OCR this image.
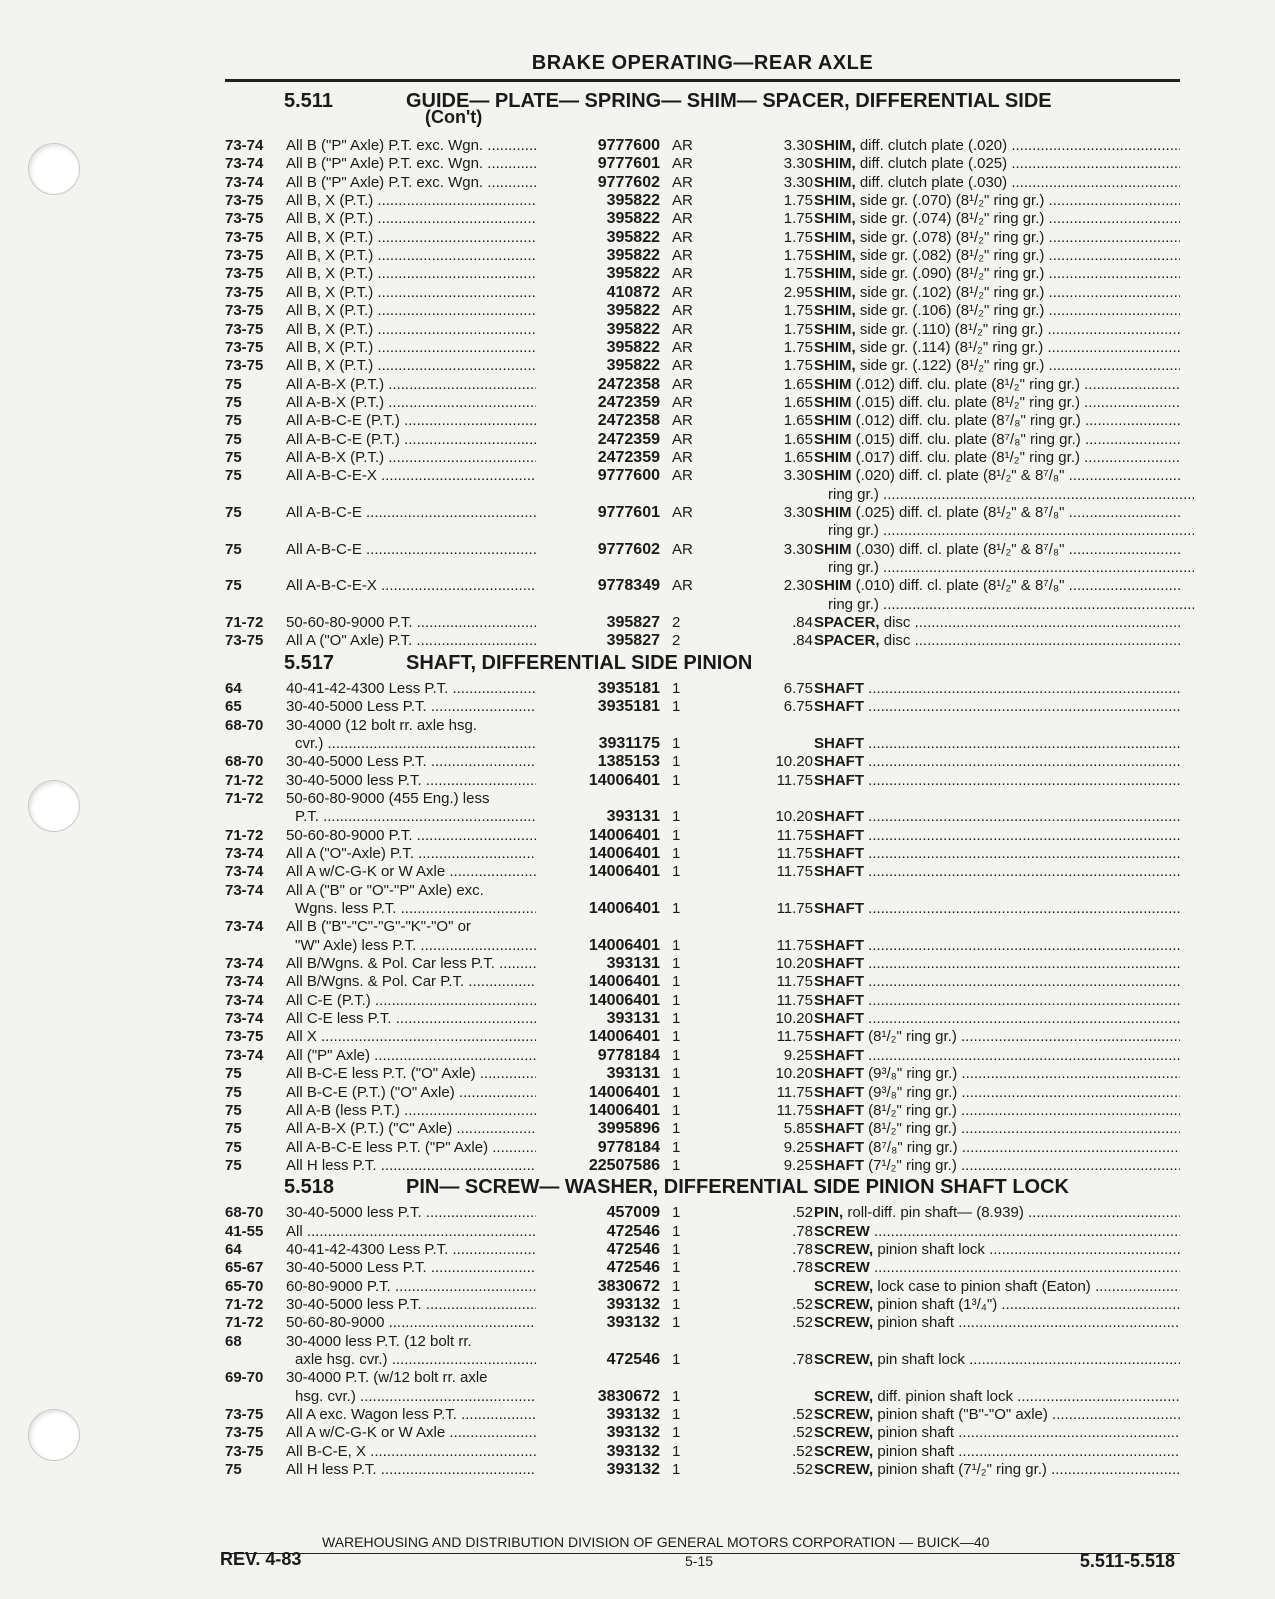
BRAKE OPERATING—REAR AXLE
5.511	GUIDE— PLATE— SPRING— SHIM— SPACER, DIFFERENTIAL SIDE
(Con't)
73-74	All B ("P" Axle) P.T. exc. Wgn. .....	9777600 AR	3.30 SHIM, diff. clutch plate (.020) .....
73-74	All B ("P" Axle) P.T. exc. Wgn. .....	9777601 AR	3.30 SHIM, diff. clutch plate (.025) .....
73-74	All B ("P" Axle) P.T. exc. Wgn. .....	9777602 AR	3.30 SHIM, diff. clutch plate (.030) .....
73-75	All B, X (P.T.) .....	395822 AR	1.75 SHIM, side gr. (.070) (8¹/₂" ring gr.) .....
73-75	All B, X (P.T.) .....	395822 AR	1.75 SHIM, side gr. (.074) (8¹/₂" ring gr.) .....
73-75	All B, X (P.T.) .....	395822 AR	1.75 SHIM, side gr. (.078) (8¹/₂" ring gr.) .....
73-75	All B, X (P.T.) .....	395822 AR	1.75 SHIM, side gr. (.082) (8¹/₂" ring gr.) .....
73-75	All B, X (P.T.) .....	395822 AR	1.75 SHIM, side gr. (.090) (8¹/₂" ring gr.) .....
73-75	All B, X (P.T.) .....	410872 AR	2.95 SHIM, side gr. (.102) (8¹/₂" ring gr.) .....
73-75	All B, X (P.T.) .....	395822 AR	1.75 SHIM, side gr. (.106) (8¹/₂" ring gr.) .....
73-75	All B, X (P.T.) .....	395822 AR	1.75 SHIM, side gr. (.110) (8¹/₂" ring gr.) .....
73-75	All B, X (P.T.) .....	395822 AR	1.75 SHIM, side gr. (.114) (8¹/₂" ring gr.) .....
73-75	All B, X (P.T.) .....	395822 AR	1.75 SHIM, side gr. (.122) (8¹/₂" ring gr.) .....
75	All A-B-X (P.T.) .....	2472358 AR	1.65 SHIM (.012) diff. clu. plate (8¹/₂" ring gr.) .....
75	All A-B-X (P.T.) .....	2472359 AR	1.65 SHIM (.015) diff. clu. plate (8¹/₂" ring gr.) .....
75	All A-B-C-E (P.T.) .....	2472358 AR	1.65 SHIM (.012) diff. clu. plate (8⁷/₈" ring gr.) .....
75	All A-B-C-E (P.T.) .....	2472359 AR	1.65 SHIM (.015) diff. clu. plate (8⁷/₈" ring gr.) .....
75	All A-B-X (P.T.) .....	2472359 AR	1.65 SHIM (.017) diff. clu. plate (8¹/₂" ring gr.) .....
75	All A-B-C-E-X .....	9777600 AR	3.30 SHIM (.020) diff. cl. plate (8¹/₂" & 8⁷/₈" .....
ring gr.) .....
75	All A-B-C-E .....	9777601 AR	3.30 SHIM (.025) diff. cl. plate (8¹/₂" & 8⁷/₈" .....
ring gr.) .....
75	All A-B-C-E .....	9777602 AR	3.30 SHIM (.030) diff. cl. plate (8¹/₂" & 8⁷/₈" .....
ring gr.) .....
75	All A-B-C-E-X .....	9778349 AR	2.30 SHIM (.010) diff. cl. plate (8¹/₂" & 8⁷/₈" .....
ring gr.) .....
71-72	50-60-80-9000 P.T. .....	395827 2	.84 SPACER, disc .....
73-75	All A ("O" Axle) P.T. .....	395827 2	.84 SPACER, disc .....
5.517	SHAFT, DIFFERENTIAL SIDE PINION
64	40-41-42-4300 Less P.T. .....	3935181 1	6.75 SHAFT .....
65	30-40-5000 Less P.T. .....	3935181 1	6.75 SHAFT .....
68-70	30-4000 (12 bolt rr. axle hsg.
cvr.) .....	3931175 1	SHAFT .....
68-70	30-40-5000 Less P.T. .....	1385153 1	10.20 SHAFT .....
71-72	30-40-5000 less P.T. .....	14006401 1	11.75 SHAFT .....
71-72	50-60-80-9000 (455 Eng.) less
P.T. .....	393131 1	10.20 SHAFT .....
71-72	50-60-80-9000 P.T. .....	14006401 1	11.75 SHAFT .....
73-74	All A ("O"-Axle) P.T. .....	14006401 1	11.75 SHAFT .....
73-74	All A w/C-G-K or W Axle .....	14006401 1	11.75 SHAFT .....
73-74	All A ("B" or "O"-"P" Axle) exc.
Wgns. less P.T. .....	14006401 1	11.75 SHAFT .....
73-74	All B ("B"-"C"-"G"-"K"-"O" or
"W" Axle) less P.T. .....	14006401 1	11.75 SHAFT .....
73-74	All B/Wgns. & Pol. Car less P.T. .....	393131 1	10.20 SHAFT .....
73-74	All B/Wgns. & Pol. Car P.T. .....	14006401 1	11.75 SHAFT .....
73-74	All C-E (P.T.) .....	14006401 1	11.75 SHAFT .....
73-74	All C-E less P.T. .....	393131 1	10.20 SHAFT .....
73-75	All X .....	14006401 1	11.75 SHAFT (8¹/₂" ring gr.) .....
73-74	All ("P" Axle) .....	9778184 1	9.25 SHAFT .....
75	All B-C-E less P.T. ("O" Axle) .....	393131 1	10.20 SHAFT (9³/₈" ring gr.) .....
75	All B-C-E (P.T.) ("O" Axle) .....	14006401 1	11.75 SHAFT (9³/₈" ring gr.) .....
75	All A-B (less P.T.) .....	14006401 1	11.75 SHAFT (8¹/₂" ring gr.) .....
75	All A-B-X (P.T.) ("C" Axle) .....	3995896 1	5.85 SHAFT (8¹/₂" ring gr.) .....
75	All A-B-C-E less P.T. ("P" Axle) .....	9778184 1	9.25 SHAFT (8⁷/₈" ring gr.) .....
75	All H less P.T. .....	22507586 1	9.25 SHAFT (7¹/₂" ring gr.) .....
5.518	PIN— SCREW— WASHER, DIFFERENTIAL SIDE PINION SHAFT LOCK
68-70	30-40-5000 less P.T. .....	457009 1	.52 PIN, roll-diff. pin shaft— (8.939) .....
41-55	All .....	472546 1	.78 SCREW .....
64	40-41-42-4300 Less P.T. .....	472546 1	.78 SCREW, pinion shaft lock .....
65-67	30-40-5000 Less P.T. .....	472546 1	.78 SCREW .....
65-70	60-80-9000 P.T. .....	3830672 1	SCREW, lock case to pinion shaft (Eaton) .....
71-72	30-40-5000 less P.T. .....	393132 1	.52 SCREW, pinion shaft (1³/₄") .....
71-72	50-60-80-9000 .....	393132 1	.52 SCREW, pinion shaft .....
68	30-4000 less P.T. (12 bolt rr.
axle hsg. cvr.) .....	472546 1	.78 SCREW, pin shaft lock .....
69-70	30-4000 P.T. (w/12 bolt rr. axle
hsg. cvr.) .....	3830672 1	SCREW, diff. pinion shaft lock .....
73-75	All A exc. Wagon less P.T. .....	393132 1	.52 SCREW, pinion shaft ("B"-"O" axle) .....
73-75	All A w/C-G-K or W Axle .....	393132 1	.52 SCREW, pinion shaft .....
73-75	All B-C-E, X .....	393132 1	.52 SCREW, pinion shaft .....
75	All H less P.T. .....	393132 1	.52 SCREW, pinion shaft (7¹/₂" ring gr.) .....
WAREHOUSING AND DISTRIBUTION DIVISION OF GENERAL MOTORS CORPORATION — BUICK—40
REV. 4-83	5-15	5.511-5.518
